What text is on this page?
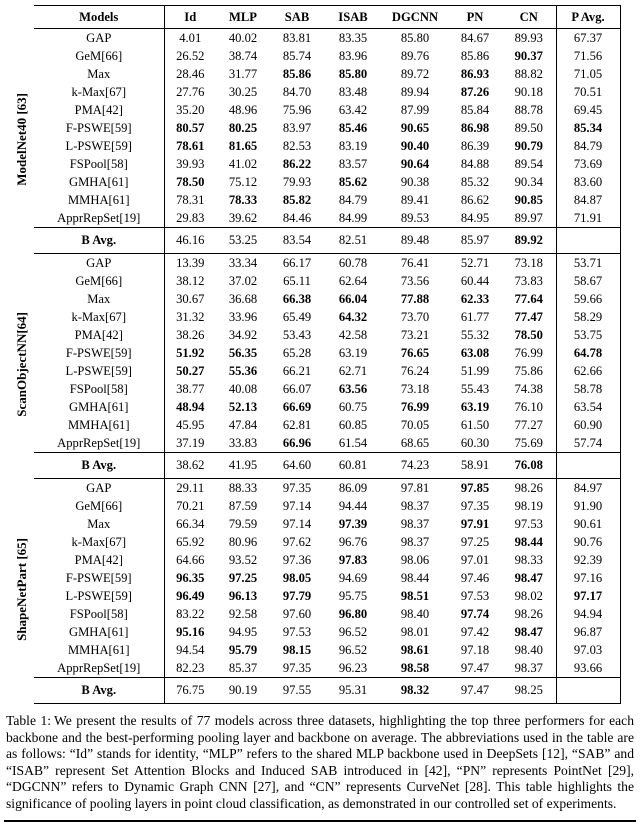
	Models	Id	MLP	SAB	ISAB	DGCNN	PN	CN	P Avg.
ModelNet40 [63]	GAP	4.01	40.02	83.81	83.35	85.80	84.67	89.93	67.37
	GeM[66]	26.52	38.74	85.74	83.96	89.76	85.86	90.37	71.56
	Max	28.46	31.77	85.86	85.80	89.72	86.93	88.82	71.05
	k-Max[67]	27.76	30.25	84.70	83.48	89.94	87.26	90.18	70.51
	PMA[42]	35.20	48.96	75.96	63.42	87.99	85.84	88.78	69.45
	F-PSWE[59]	80.57	80.25	83.97	85.46	90.65	86.98	89.50	85.34
	L-PSWE[59]	78.61	81.65	82.53	83.19	90.40	86.39	90.79	84.79
	FSPool[58]	39.93	41.02	86.22	83.57	90.64	84.88	89.54	73.69
	GMHA[61]	78.50	75.12	79.93	85.62	90.38	85.32	90.34	83.60
	MMHA[61]	78.31	78.33	85.82	84.79	89.41	86.62	90.85	84.87
	ApprRepSet[19]	29.83	39.62	84.46	84.99	89.53	84.95	89.97	71.91
	B Avg.	46.16	53.25	83.54	82.51	89.48	85.97	89.92	
ScanObjectNN[64]	GAP	13.39	33.34	66.17	60.78	76.41	52.71	73.18	53.71
	GeM[66]	38.12	37.02	65.11	62.64	73.56	60.44	73.83	58.67
	Max	30.67	36.68	66.38	66.04	77.88	62.33	77.64	59.66
	k-Max[67]	31.32	33.96	65.49	64.32	73.70	61.77	77.47	58.29
	PMA[42]	38.26	34.92	53.43	42.58	73.21	55.32	78.50	53.75
	F-PSWE[59]	51.92	56.35	65.28	63.19	76.65	63.08	76.99	64.78
	L-PSWE[59]	50.27	55.36	66.21	62.71	76.24	51.99	75.86	62.66
	FSPool[58]	38.77	40.08	66.07	63.56	73.18	55.43	74.38	58.78
	GMHA[61]	48.94	52.13	66.69	60.75	76.99	63.19	76.10	63.54
	MMHA[61]	45.95	47.84	62.81	60.85	70.05	61.50	77.27	60.90
	ApprRepSet[19]	37.19	33.83	66.96	61.54	68.65	60.30	75.69	57.74
	B Avg.	38.62	41.95	64.60	60.81	74.23	58.91	76.08	
ShapeNetPart [65]	GAP	29.11	88.33	97.35	86.09	97.81	97.85	98.26	84.97
	GeM[66]	70.21	87.59	97.14	94.44	98.37	97.35	98.19	91.90
	Max	66.34	79.59	97.14	97.39	98.37	97.91	97.53	90.61
	k-Max[67]	65.92	80.96	97.62	96.76	98.37	97.25	98.44	90.76
	PMA[42]	64.66	93.52	97.36	97.83	98.06	97.01	98.33	92.39
	F-PSWE[59]	96.35	97.25	98.05	94.69	98.44	97.46	98.47	97.16
	L-PSWE[59]	96.49	96.13	97.79	95.75	98.51	97.53	98.02	97.17
	FSPool[58]	83.22	92.58	97.60	96.80	98.40	97.74	98.26	94.94
	GMHA[61]	95.16	94.95	97.53	96.52	98.01	97.42	98.47	96.87
	MMHA[61]	94.54	95.79	98.15	96.52	98.61	97.18	98.40	97.03
	ApprRepSet[19]	82.23	85.37	97.35	96.23	98.58	97.47	98.37	93.66
	B Avg.	76.75	90.19	97.55	95.31	98.32	97.47	98.25	
Table 1: We present the results of 77 models across three datasets, highlighting the top three performers for each backbone and the best-performing pooling layer and backbone on average. The abbreviations used in the table are as follows: “Id” stands for identity, “MLP” refers to the shared MLP backbone used in DeepSets [12], “SAB” and “ISAB” represent Set Attention Blocks and Induced SAB introduced in [42], “PN” represents PointNet [29], “DGCNN” refers to Dynamic Graph CNN [27], and “CN” represents CurveNet [28]. This table highlights the significance of pooling layers in point cloud classification, as demonstrated in our controlled set of experiments.
